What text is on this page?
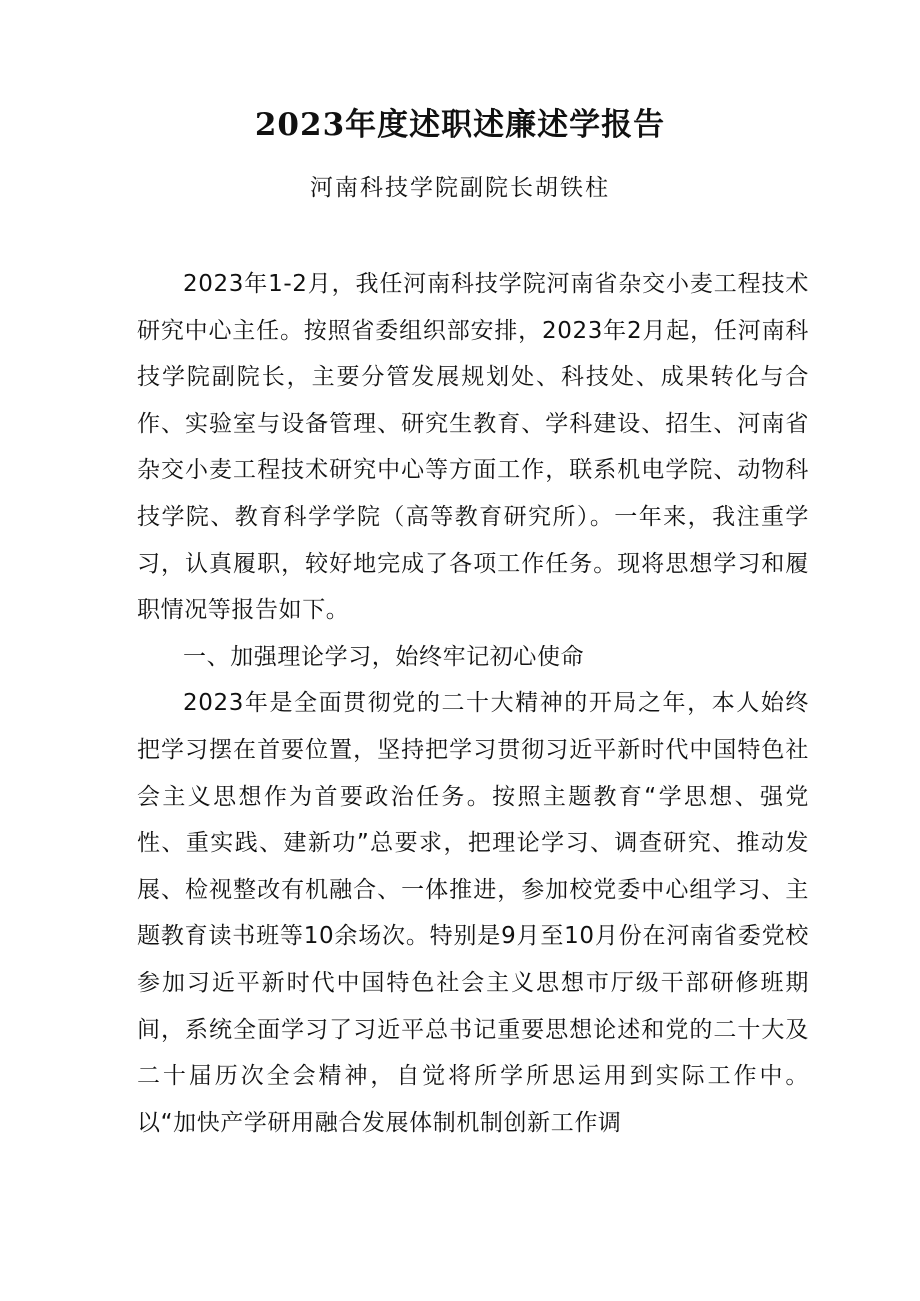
2023年度述职述廉述学报告

河南科技学院副院长胡铁柱

2023年1-2月，我任河南科技学院河南省杂交小麦工程技术研究中心主任。按照省委组织部安排，2023年2月起，任河南科技学院副院长，主要分管发展规划处、科技处、成果转化与合作、实验室与设备管理、研究生教育、学科建设、招生、河南省杂交小麦工程技术研究中心等方面工作，联系机电学院、动物科技学院、教育科学学院（高等教育研究所）。一年来，我注重学习，认真履职，较好地完成了各项工作任务。现将思想学习和履职情况等报告如下。

一、加强理论学习，始终牢记初心使命

2023年是全面贯彻党的二十大精神的开局之年，本人始终把学习摆在首要位置，坚持把学习贯彻习近平新时代中国特色社会主义思想作为首要政治任务。按照主题教育“学思想、强党性、重实践、建新功”总要求，把理论学习、调查研究、推动发展、检视整改有机融合、一体推进，参加校党委中心组学习、主题教育读书班等10余场次。特别是9月至10月份在河南省委党校参加习近平新时代中国特色社会主义思想市厅级干部研修班期间，系统全面学习了习近平总书记重要思想论述和党的二十大及二十届历次全会精神，自觉将所学所思运用到实际工作中。以“加快产学研用融合发展体制机制创新工作调
